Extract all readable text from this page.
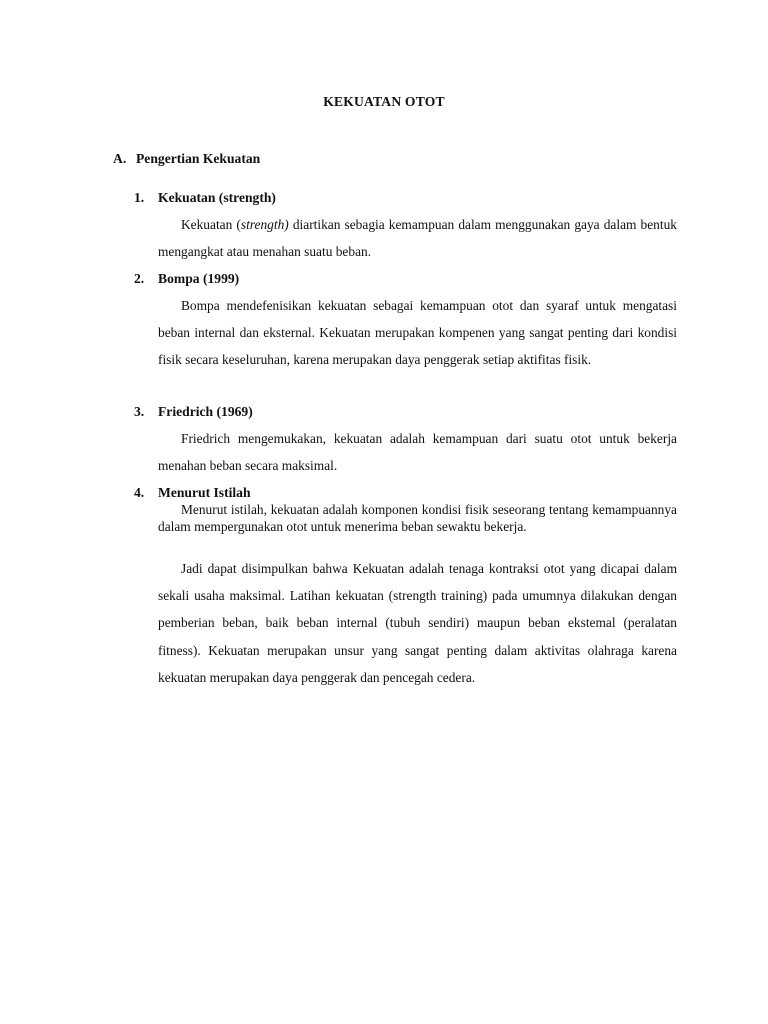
KEKUATAN OTOT
A. Pengertian Kekuatan
1. Kekuatan (strength)
Kekuatan (strength) diartikan sebagia kemampuan dalam menggunakan gaya dalam bentuk mengangkat atau menahan suatu beban.
2. Bompa (1999)
Bompa mendefenisikan kekuatan sebagai kemampuan otot dan syaraf untuk mengatasi beban internal dan eksternal. Kekuatan merupakan kompenen yang sangat penting dari kondisi fisik secara keseluruhan, karena merupakan daya penggerak setiap aktifitas fisik.
3. Friedrich (1969)
Friedrich mengemukakan, kekuatan adalah kemampuan dari suatu otot untuk bekerja menahan beban secara maksimal.
4. Menurut Istilah
Menurut istilah, kekuatan adalah komponen kondisi fisik seseorang tentang kemampuannya dalam mempergunakan otot untuk menerima beban sewaktu bekerja.
Jadi dapat disimpulkan bahwa Kekuatan adalah tenaga kontraksi otot yang dicapai dalam sekali usaha maksimal. Latihan kekuatan (strength training) pada umumnya dilakukan dengan pemberian beban, baik beban internal (tubuh sendiri) maupun beban ekstemal (peralatan fitness). Kekuatan merupakan unsur yang sangat penting dalam aktivitas olahraga karena kekuatan merupakan daya penggerak dan pencegah cedera.
